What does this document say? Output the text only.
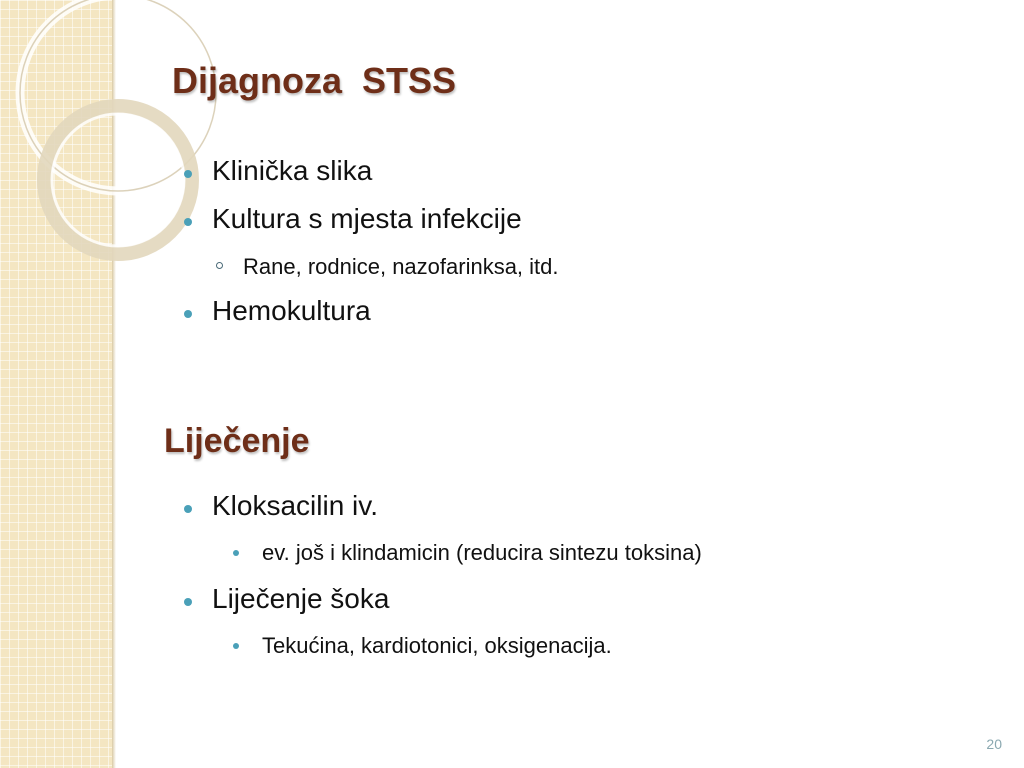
Dijagnoza  STSS
Klinička slika
Kultura s mjesta infekcije
Rane, rodnice, nazofarinksa, itd.
Hemokultura
Liječenje
Kloksacilin iv.
ev. još i klindamicin (reducira sintezu toksina)
Liječenje šoka
Tekućina, kardiotonici, oksigenacija.
20
